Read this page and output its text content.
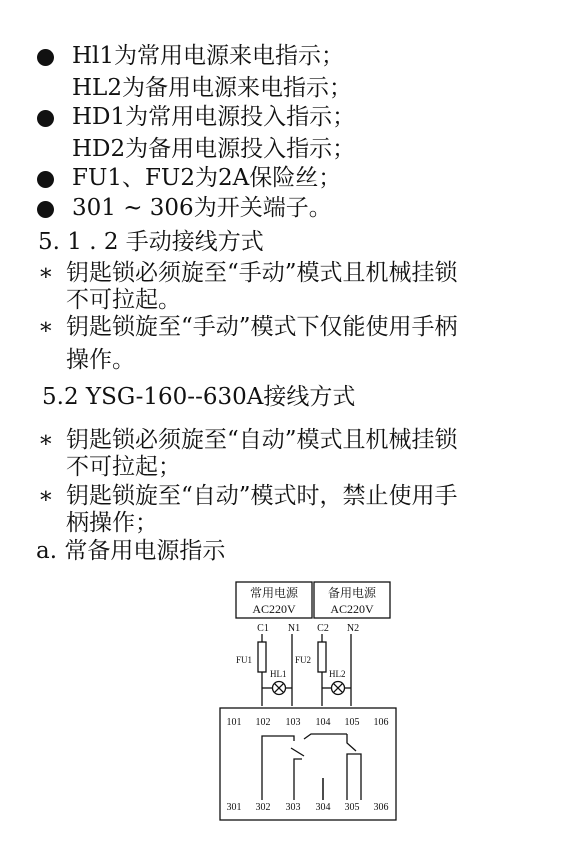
Hl1为常用电源来电指示；
HL2为备用电源来电指示；
HD1为常用电源投入指示；
HD2为备用电源投入指示；
FU1、FU2为2A保险丝；
301 ~ 306为开关端子。
5. 1 . 2 手动接线方式
∗ 钥匙锁必须旋至“手动”模式且机械挂锁
不可拉起。
∗ 钥匙锁旋至“手动”模式下仅能使用手柄
操作。
5.2 YSG-160--630A接线方式
∗ 钥匙锁必须旋至“自动”模式且机械挂锁
不可拉起；
∗ 钥匙锁旋至“自动”模式时，禁止使用手
柄操作；
a. 常备用电源指示
常用电源
AC220V
备用电源
AC220V
C1 N1 C2 N2
FU1	FU2
HL1	HL2
101 102 103 104 105 106
301 302 303 304 305 306
